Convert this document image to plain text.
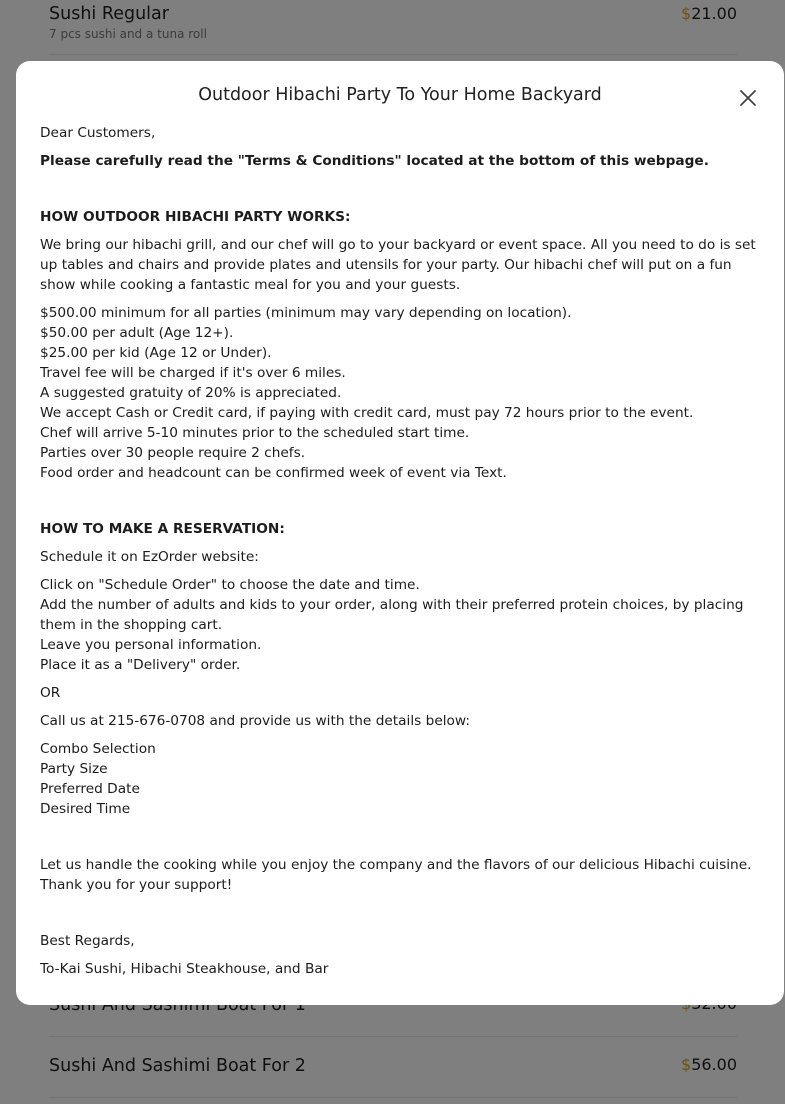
Outdoor Hibachi Party To Your Home Backyard

Dear Customers,

Please carefully read the "Terms & Conditions" located at the bottom of this webpage.

HOW OUTDOOR HIBACHI PARTY WORKS:

We bring our hibachi grill, and our chef will go to your backyard or event space. All you need to do is set up tables and chairs and provide plates and utensils for your party. Our hibachi chef will put on a fun show while cooking a fantastic meal for you and your guests.

$500.00 minimum for all parties (minimum may vary depending on location).
$50.00 per adult (Age 12+).
$25.00 per kid (Age 12 or Under).
Travel fee will be charged if it's over 6 miles.
A suggested gratuity of 20% is appreciated.
We accept Cash or Credit card, if paying with credit card, must pay 72 hours prior to the event.
Chef will arrive 5-10 minutes prior to the scheduled start time.
Parties over 30 people require 2 chefs.
Food order and headcount can be confirmed week of event via Text.

HOW TO MAKE A RESERVATION:

Schedule it on EzOrder website:

Click on "Schedule Order" to choose the date and time.
Add the number of adults and kids to your order, along with their preferred protein choices, by placing them in the shopping cart.
Leave you personal information.
Place it as a "Delivery" order.

OR

Call us at 215-676-0708 and provide us with the details below:

Combo Selection
Party Size
Preferred Date
Desired Time

Let us handle the cooking while you enjoy the company and the flavors of our delicious Hibachi cuisine. Thank you for your support!

Best Regards,

To-Kai Sushi, Hibachi Steakhouse, and Bar
